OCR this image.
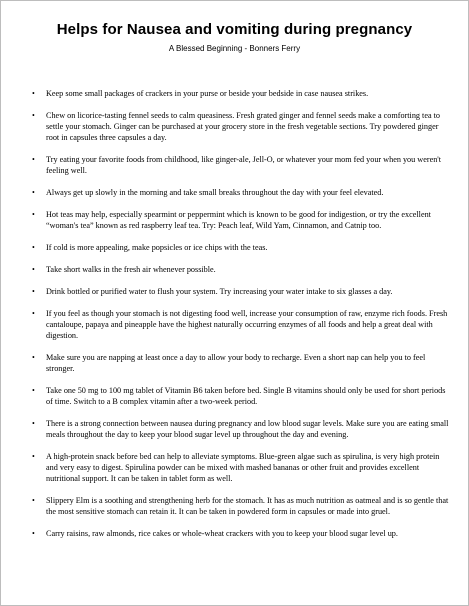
Helps for Nausea and vomiting during pregnancy
A Blessed Beginning - Bonners Ferry
• Keep some small packages of crackers in your purse or beside your bedside in case nausea strikes.
• Chew on licorice-tasting fennel seeds to calm queasiness. Fresh grated ginger and fennel seeds make a comforting tea to settle your stomach. Ginger can be purchased at your grocery store in the fresh vegetable sections. Try powdered ginger root in capsules three capsules a day.
• Try eating your favorite foods from childhood, like ginger-ale, Jell-O, or whatever your mom fed your when you weren't feeling well.
• Always get up slowly in the morning and take small breaks throughout the day with your feel elevated.
• Hot teas may help, especially spearmint or peppermint which is known to be good for indigestion, or try the excellent “woman's tea” known as red raspberry leaf tea. Try: Peach leaf, Wild Yam, Cinnamon, and Catnip too.
• If cold is more appealing, make popsicles or ice chips with the teas.
• Take short walks in the fresh air whenever possible.
• Drink bottled or purified water to flush your system. Try increasing your water intake to six glasses a day.
• If you feel as though your stomach is not digesting food well, increase your consumption of raw, enzyme rich foods. Fresh cantaloupe, papaya and pineapple have the highest naturally occurring enzymes of all foods and help a great deal with digestion.
• Make sure you are napping at least once a day to allow your body to recharge. Even a short nap can help you to feel stronger.
• Take one 50 mg to 100 mg tablet of Vitamin B6 taken before bed. Single B vitamins should only be used for short periods of time. Switch to a B complex vitamin after a two-week period.
• There is a strong connection between nausea during pregnancy and low blood sugar levels. Make sure you are eating small meals throughout the day to keep your blood sugar level up throughout the day and evening.
• A high-protein snack before bed can help to alleviate symptoms. Blue-green algae such as spirulina, is very high protein and very easy to digest. Spirulina powder can be mixed with mashed bananas or other fruit and provides excellent nutritional support. It can be taken in tablet form as well.
• Slippery Elm is a soothing and strengthening herb for the stomach. It has as much nutrition as oatmeal and is so gentle that the most sensitive stomach can retain it. It can be taken in powdered form in capsules or made into gruel.
• Carry raisins, raw almonds, rice cakes or whole-wheat crackers with you to keep your blood sugar level up.
